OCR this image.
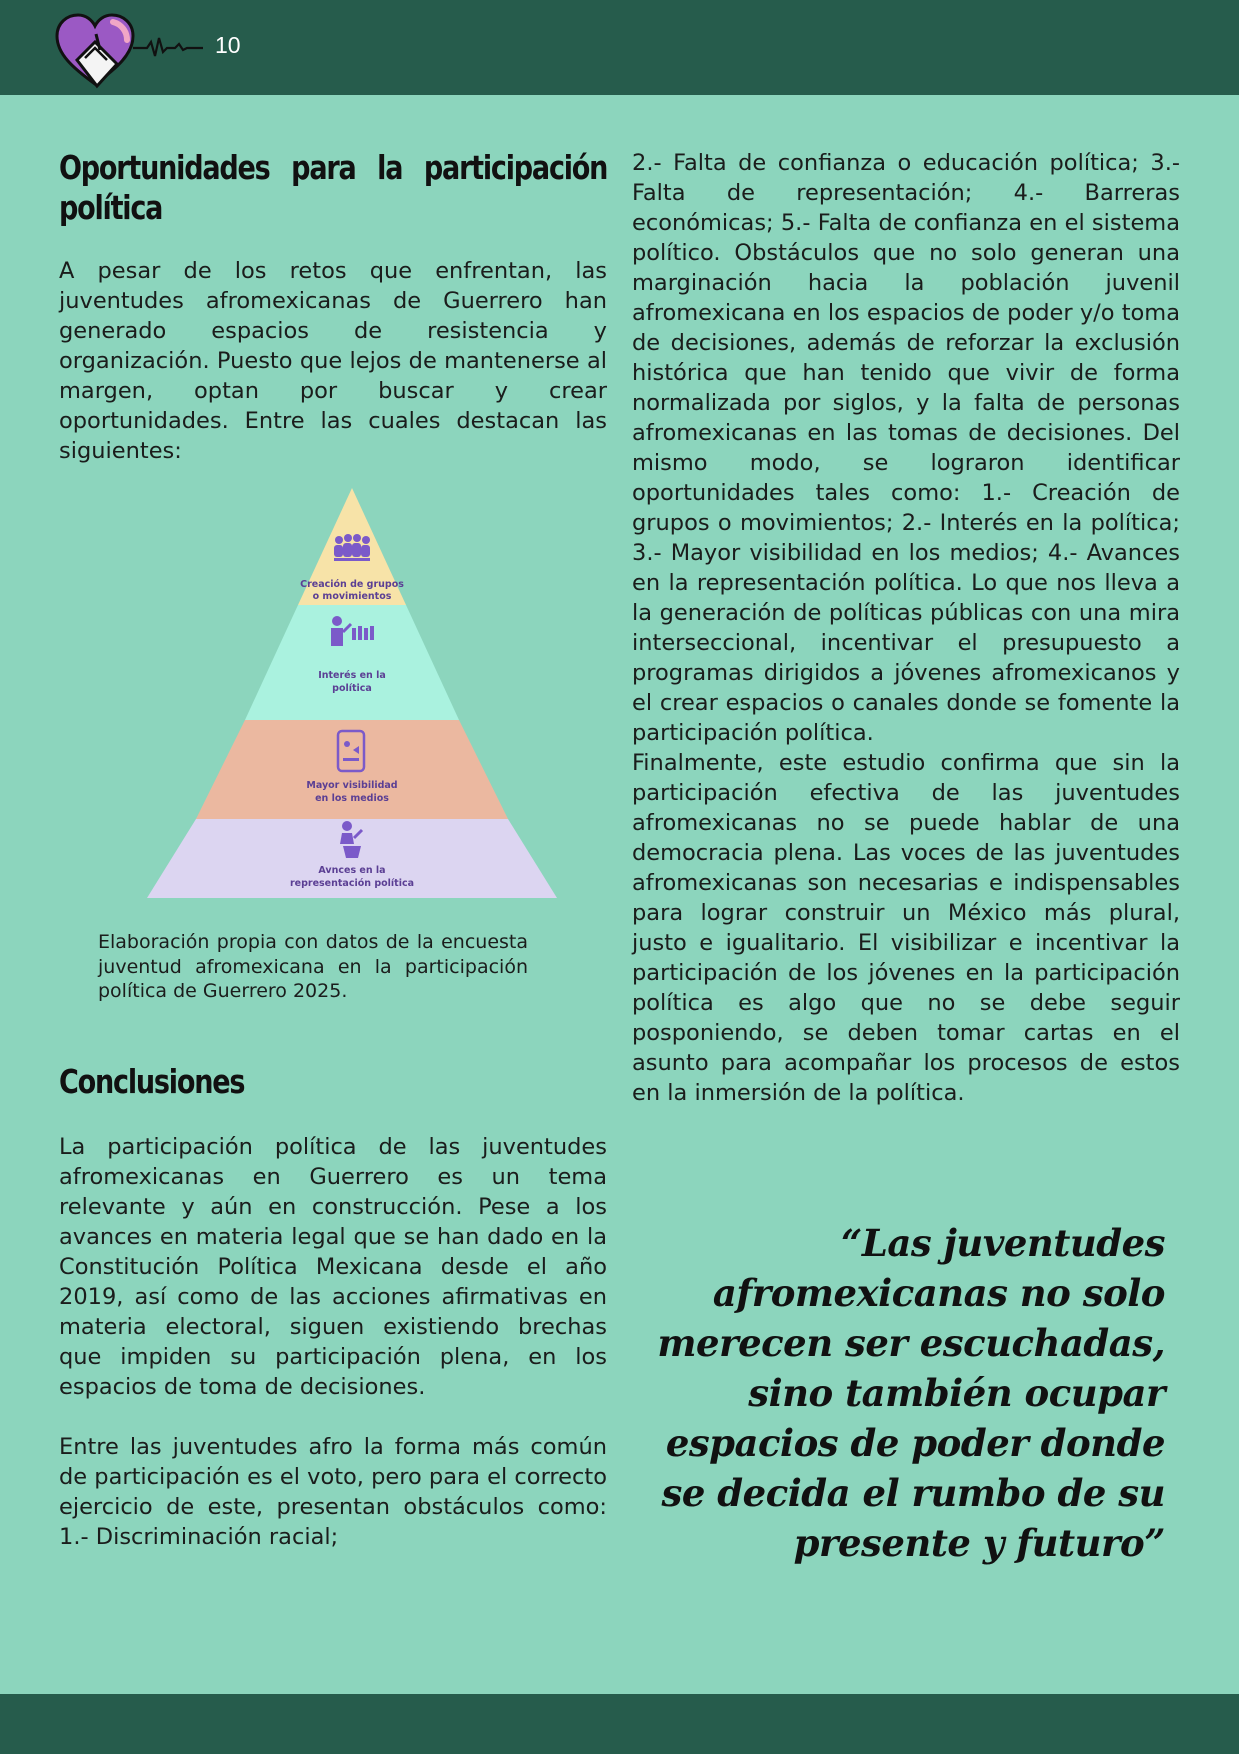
10
Oportunidades para la participación política

A pesar de los retos que enfrentan, las juventudes afromexicanas de Guerrero han generado espacios de resistencia y organización. Puesto que lejos de mantenerse al margen, optan por buscar y crear oportunidades. Entre las cuales destacan las siguientes:

Creación de grupos
o movimientos
Interés en la
política
Mayor visibilidad
en los medios
Avnces en la
representación política

Elaboración propia con datos de la encuesta juventud afromexicana en la participación política de Guerrero 2025.

Conclusiones

La participación política de las juventudes afromexicanas en Guerrero es un tema relevante y aún en construcción. Pese a los avances en materia legal que se han dado en la Constitución Política Mexicana desde el año 2019, así como de las acciones afirmativas en materia electoral, siguen existiendo brechas que impiden su participación plena, en los espacios de toma de decisiones.

Entre las juventudes afro la forma más común de participación es el voto, pero para el correcto ejercicio de este, presentan obstáculos como: 1.- Discriminación racial;

2.- Falta de confianza o educación política; 3.- Falta de representación; 4.- Barreras económicas; 5.- Falta de confianza en el sistema político. Obstáculos que no solo generan una marginación hacia la población juvenil afromexicana en los espacios de poder y/o toma de decisiones, además de reforzar la exclusión histórica que han tenido que vivir de forma normalizada por siglos, y la falta de personas afromexicanas en las tomas de decisiones. Del mismo modo, se lograron identificar oportunidades tales como: 1.- Creación de grupos o movimientos; 2.- Interés en la política; 3.- Mayor visibilidad en los medios; 4.- Avances en la representación política. Lo que nos lleva a la generación de políticas públicas con una mira interseccional, incentivar el presupuesto a programas dirigidos a jóvenes afromexicanos y el crear espacios o canales donde se fomente la participación política.

Finalmente, este estudio confirma que sin la participación efectiva de las juventudes afromexicanas no se puede hablar de una democracia plena. Las voces de las juventudes afromexicanas son necesarias e indispensables para lograr construir un México más plural, justo e igualitario. El visibilizar e incentivar la participación de los jóvenes en la participación política es algo que no se debe seguir posponiendo, se deben tomar cartas en el asunto para acompañar los procesos de estos en la inmersión de la política.

“Las juventudes afromexicanas no solo merecen ser escuchadas, sino también ocupar espacios de poder donde se decida el rumbo de su presente y futuro”
